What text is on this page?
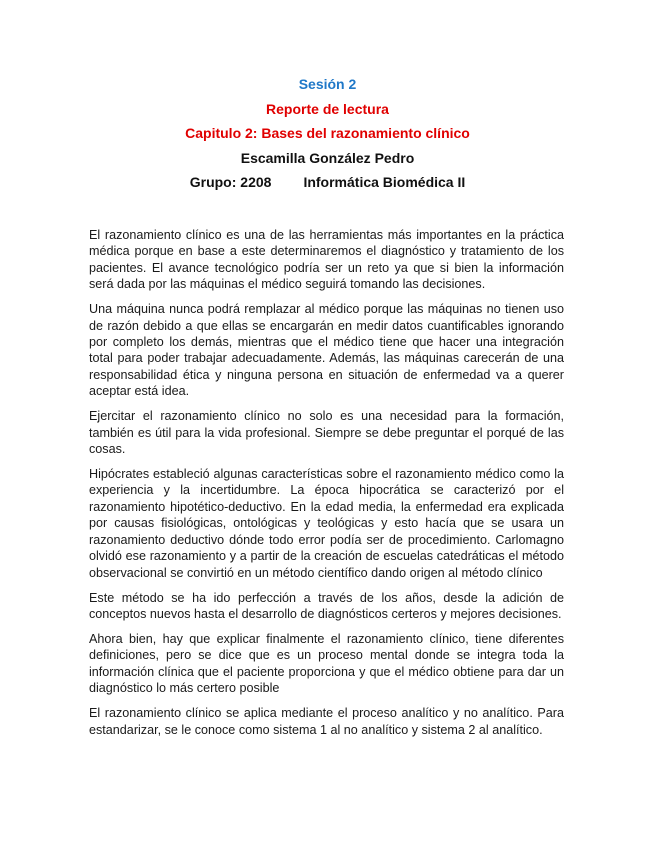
Sesión 2
Reporte de lectura
Capitulo 2: Bases del razonamiento clínico
Escamilla González Pedro
Grupo: 2208 Informática Biomédica II

El razonamiento clínico es una de las herramientas más importantes en la práctica médica porque en base a este determinaremos el diagnóstico y tratamiento de los pacientes. El avance tecnológico podría ser un reto ya que si bien la información será dada por las máquinas el médico seguirá tomando las decisiones.

Una máquina nunca podrá remplazar al médico porque las máquinas no tienen uso de razón debido a que ellas se encargarán en medir datos cuantificables ignorando por completo los demás, mientras que el médico tiene que hacer una integración total para poder trabajar adecuadamente. Además, las máquinas carecerán de una responsabilidad ética y ninguna persona en situación de enfermedad va a querer aceptar está idea.

Ejercitar el razonamiento clínico no solo es una necesidad para la formación, también es útil para la vida profesional. Siempre se debe preguntar el porqué de las cosas.

Hipócrates estableció algunas características sobre el razonamiento médico como la experiencia y la incertidumbre. La época hipocrática se caracterizó por el razonamiento hipotético-deductivo. En la edad media, la enfermedad era explicada por causas fisiológicas, ontológicas y teológicas y esto hacía que se usara un razonamiento deductivo dónde todo error podía ser de procedimiento. Carlomagno olvidó ese razonamiento y a partir de la creación de escuelas catedráticas el método observacional se convirtió en un método científico dando origen al método clínico

Este método se ha ido perfección a través de los años, desde la adición de conceptos nuevos hasta el desarrollo de diagnósticos certeros y mejores decisiones.

Ahora bien, hay que explicar finalmente el razonamiento clínico, tiene diferentes definiciones, pero se dice que es un proceso mental donde se integra toda la información clínica que el paciente proporciona y que el médico obtiene para dar un diagnóstico lo más certero posible

El razonamiento clínico se aplica mediante el proceso analítico y no analítico. Para estandarizar, se le conoce como sistema 1 al no analítico y sistema 2 al analítico.
